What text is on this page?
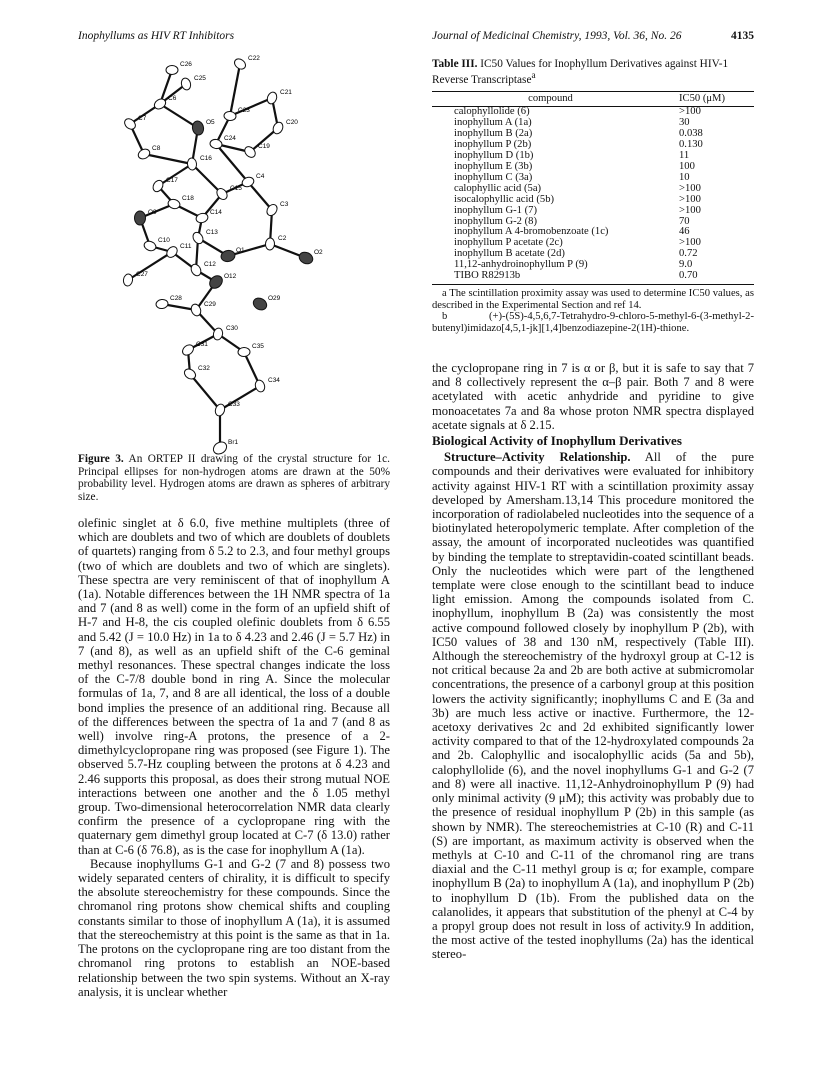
Inophyllums as HIV RT Inhibitors	Journal of Medicinal Chemistry, 1993, Vol. 36, No. 26	4135
C26
C22
C25
C21
C6
C23
C7
O5	C20
C8
C24
C19
C16
C17
C4
C18
C15
O9
C3
C14
C10
C13
C2
C11
O1	O2
C12
C27	O12
C28	O29
C29
C30
C31	C35
C32
C34
C33
Br1
Figure 3. An ORTEP II drawing of the crystal structure for 1c. Principal ellipses for non-hydrogen atoms are drawn at the 50% probability level. Hydrogen atoms are drawn as spheres of arbitrary size.
Table III. IC50 Values for Inophyllum Derivatives against HIV-1 Reverse Transcriptase$^a$
compound	IC50 (μM)
calophyllolide (6)	>100
inophyllum A (1a)	30
inophyllum B (2a)	0.038
inophyllum P (2b)	0.130
inophyllum D (1b)	11
inophyllum E (3b)	100
inophyllum C (3a)	10
calophyllic acid (5a)	>100
isocalophyllic acid (5b)	>100
inophyllum G-1 (7)	>100
inophyllum G-2 (8)	70
inophyllum A 4-bromobenzoate (1c)	46
inophyllum P acetate (2c)	>100
inophyllum B acetate (2d)	0.72
11,12-anhydroinophyllum P (9)	9.0
TIBO R82913b	0.70
a The scintillation proximity assay was used to determine IC50 values, as described in the Experimental Section and ref 14.
b (+)-(5S)-4,5,6,7-Tetrahydro-9-chloro-5-methyl-6-(3-methyl-2-butenyl)imidazo[4,5,1-jk][1,4]benzodiazepine-2(1H)-thione.

olefinic singlet at δ 6.0, five methine multiplets (three of which are doublets and two of which are doublets of doublets of quartets) ranging from δ 5.2 to 2.3, and four methyl groups (two of which are doublets and two of which are singlets). These spectra are very reminiscent of that of inophyllum A (1a). Notable differences between the 1H NMR spectra of 1a and 7 (and 8 as well) come in the form of an upfield shift of H-7 and H-8, the cis coupled olefinic doublets from δ 6.55 and 5.42 (J = 10.0 Hz) in 1a to δ 4.23 and 2.46 (J = 5.7 Hz) in 7 (and 8), as well as an upfield shift of the C-6 geminal methyl resonances. These spectral changes indicate the loss of the C-7/8 double bond in ring A. Since the molecular formulas of 1a, 7, and 8 are all identical, the loss of a double bond implies the presence of an additional ring. Because all of the differences between the spectra of 1a and 7 (and 8 as well) involve ring-A protons, the presence of a 2-dimethylcyclopropane ring was proposed (see Figure 1). The observed 5.7-Hz coupling between the protons at δ 4.23 and 2.46 supports this proposal, as does their strong mutual NOE interactions between one another and the δ 1.05 methyl group. Two-dimensional heterocorrelation NMR data clearly confirm the presence of a cyclopropane ring with the quaternary gem dimethyl group located at C-7 (δ 13.0) rather than at C-6 (δ 76.8), as is the case for inophyllum A (1a).

Because inophyllums G-1 and G-2 (7 and 8) possess two widely separated centers of chirality, it is difficult to specify the absolute stereochemistry for these compounds. Since the chromanol ring protons show chemical shifts and coupling constants similar to those of inophyllum A (1a), it is assumed that the stereochemistry at this point is the same as that in 1a. The protons on the cyclopropane ring are too distant from the chromanol ring protons to establish an NOE-based relationship between the two spin systems. Without an X-ray analysis, it is unclear whether

the cyclopropane ring in 7 is α or β, but it is safe to say that 7 and 8 collectively represent the α–β pair. Both 7 and 8 were acetylated with acetic anhydride and pyridine to give monoacetates 7a and 8a whose proton NMR spectra displayed acetate signals at δ 2.15.

Biological Activity of Inophyllum Derivatives

Structure–Activity Relationship. All of the pure compounds and their derivatives were evaluated for inhibitory activity against HIV-1 RT with a scintillation proximity assay developed by Amersham.13,14 This procedure monitored the incorporation of radiolabeled nucleotides into the sequence of a biotinylated heteropolymeric template. After completion of the assay, the amount of incorporated nucleotides was quantified by binding the template to streptavidin-coated scintillant beads. Only the nucleotides which were part of the lengthened template were close enough to the scintillant bead to induce light emission. Among the compounds isolated from C. inophyllum, inophyllum B (2a) was consistently the most active compound followed closely by inophyllum P (2b), with IC50 values of 38 and 130 nM, respectively (Table III). Although the stereochemistry of the hydroxyl group at C-12 is not critical because 2a and 2b are both active at submicromolar concentrations, the presence of a carbonyl group at this position lowers the activity significantly; inophyllums C and E (3a and 3b) are much less active or inactive. Furthermore, the 12-acetoxy derivatives 2c and 2d exhibited significantly lower activity compared to that of the 12-hydroxylated compounds 2a and 2b. Calophyllic and isocalophyllic acids (5a and 5b), calophyllolide (6), and the novel inophyllums G-1 and G-2 (7 and 8) were all inactive. 11,12-Anhydroinophyllum P (9) had only minimal activity (9 μM); this activity was probably due to the presence of residual inophyllum P (2b) in this sample (as shown by NMR). The stereochemistries at C-10 (R) and C-11 (S) are important, as maximum activity is observed when the methyls at C-10 and C-11 of the chromanol ring are trans diaxial and the C-11 methyl group is α; for example, compare inophyllum B (2a) to inophyllum A (1a), and inophyllum P (2b) to inophyllum D (1b). From the published data on the calanolides, it appears that substitution of the phenyl at C-4 by a propyl group does not result in loss of activity.9 In addition, the most active of the tested inophyllums (2a) has the identical stereo-
